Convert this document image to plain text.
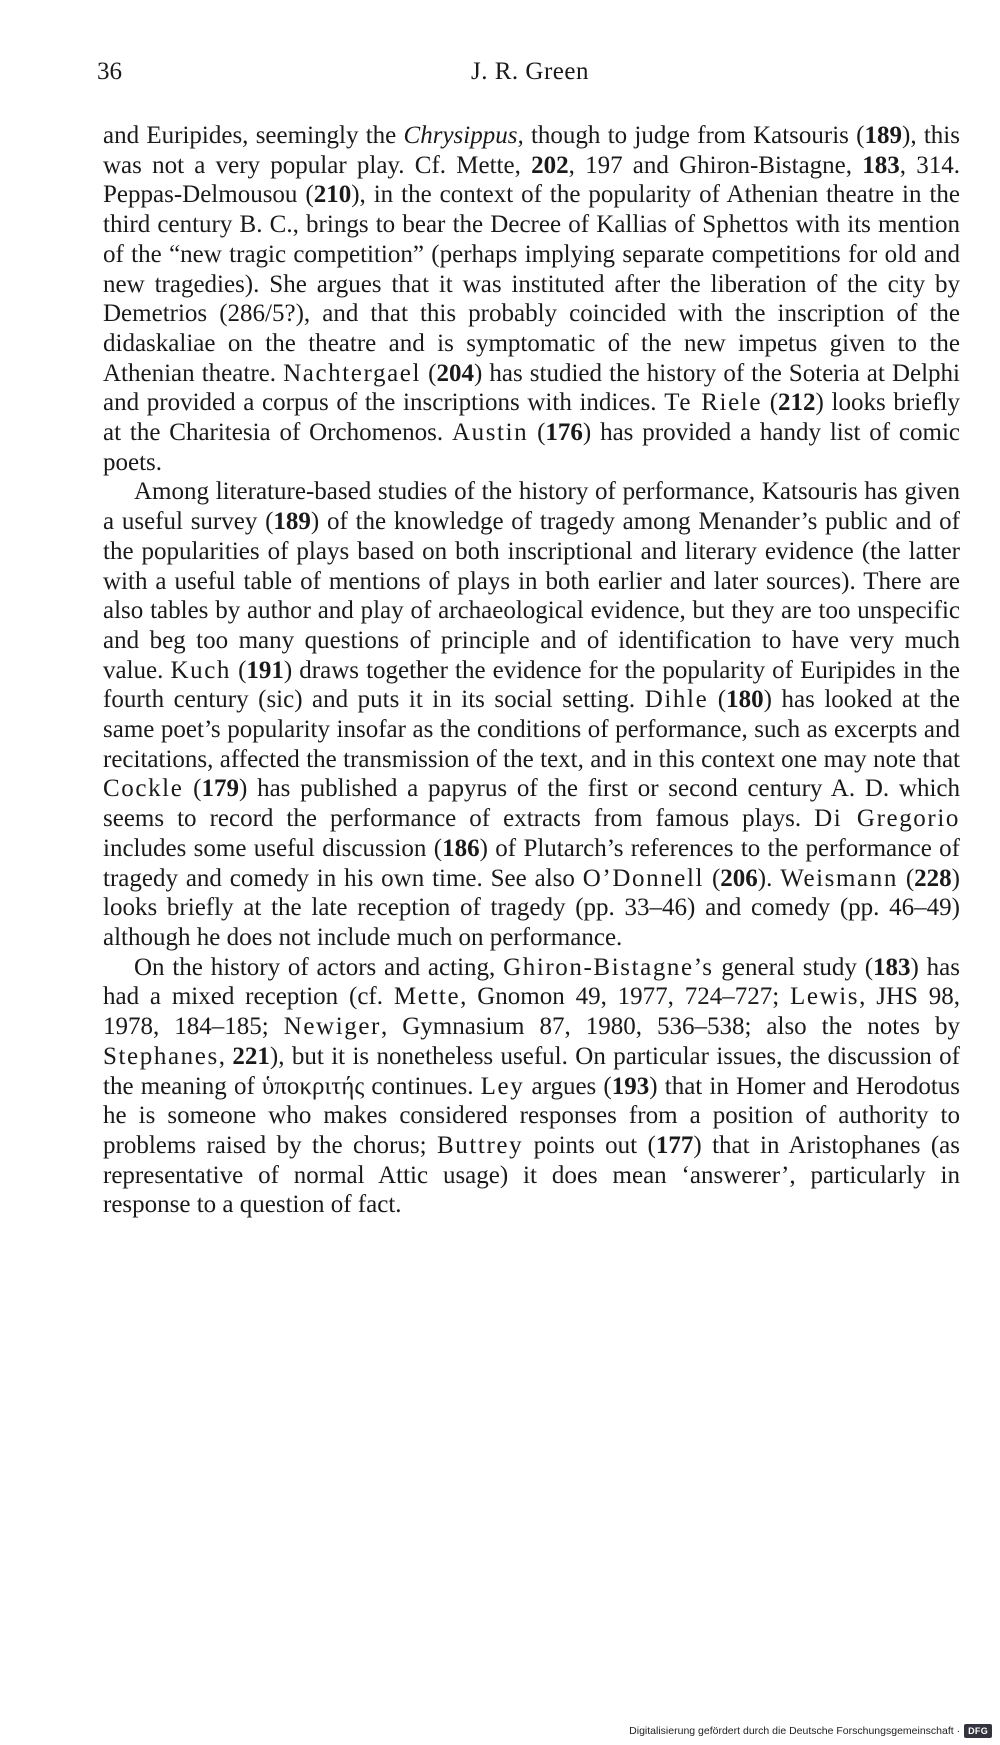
36	J. R. Green

and Euripides, seemingly the Chrysippus, though to judge from Katsouris (189), this was not a very popular play. Cf. Mette, 202, 197 and Ghiron-Bistagne, 183, 314. Peppas-Delmousou (210), in the context of the popularity of Athenian theatre in the third century B. C., brings to bear the Decree of Kallias of Sphettos with its mention of the “new tragic competition” (perhaps implying separate competitions for old and new tragedies). She argues that it was instituted after the liberation of the city by Demetrios (286/5?), and that this probably coincided with the inscription of the didaskaliae on the theatre and is symptomatic of the new impetus given to the Athenian theatre. Nachtergael (204) has studied the history of the Soteria at Delphi and provided a corpus of the inscriptions with indices. Te Riele (212) looks briefly at the Charitesia of Orchomenos. Austin (176) has provided a handy list of comic poets.

Among literature-based studies of the history of performance, Katsouris has given a useful survey (189) of the knowledge of tragedy among Menander’s public and of the popularities of plays based on both inscriptional and literary evidence (the latter with a useful table of mentions of plays in both earlier and later sources). There are also tables by author and play of archaeological evidence, but they are too unspecific and beg too many questions of principle and of identification to have very much value. Kuch (191) draws together the evidence for the popularity of Euripides in the fourth century (sic) and puts it in its social setting. Dihle (180) has looked at the same poet’s popularity insofar as the conditions of performance, such as excerpts and recitations, affected the transmission of the text, and in this context one may note that Cockle (179) has published a papyrus of the first or second century A. D. which seems to record the performance of extracts from famous plays. Di Gregorio includes some useful discussion (186) of Plutarch’s references to the performance of tragedy and comedy in his own time. See also O’Donnell (206). Weismann (228) looks briefly at the late reception of tragedy (pp. 33–46) and comedy (pp. 46–49) although he does not include much on performance.

On the history of actors and acting, Ghiron-Bistagne’s general study (183) has had a mixed reception (cf. Mette, Gnomon 49, 1977, 724–727; Lewis, JHS 98, 1978, 184–185; Newiger, Gymnasium 87, 1980, 536–538; also the notes by Stephanes, 221), but it is nonetheless useful. On particular issues, the discussion of the meaning of ὑποκριτής continues. Ley argues (193) that in Homer and Herodotus he is someone who makes considered responses from a position of authority to problems raised by the chorus; Buttrey points out (177) that in Aristophanes (as representative of normal Attic usage) it does mean ‘answerer’, particularly in response to a question of fact.

Digitalisierung gefördert durch die Deutsche Forschungsgemeinschaft · DFG
